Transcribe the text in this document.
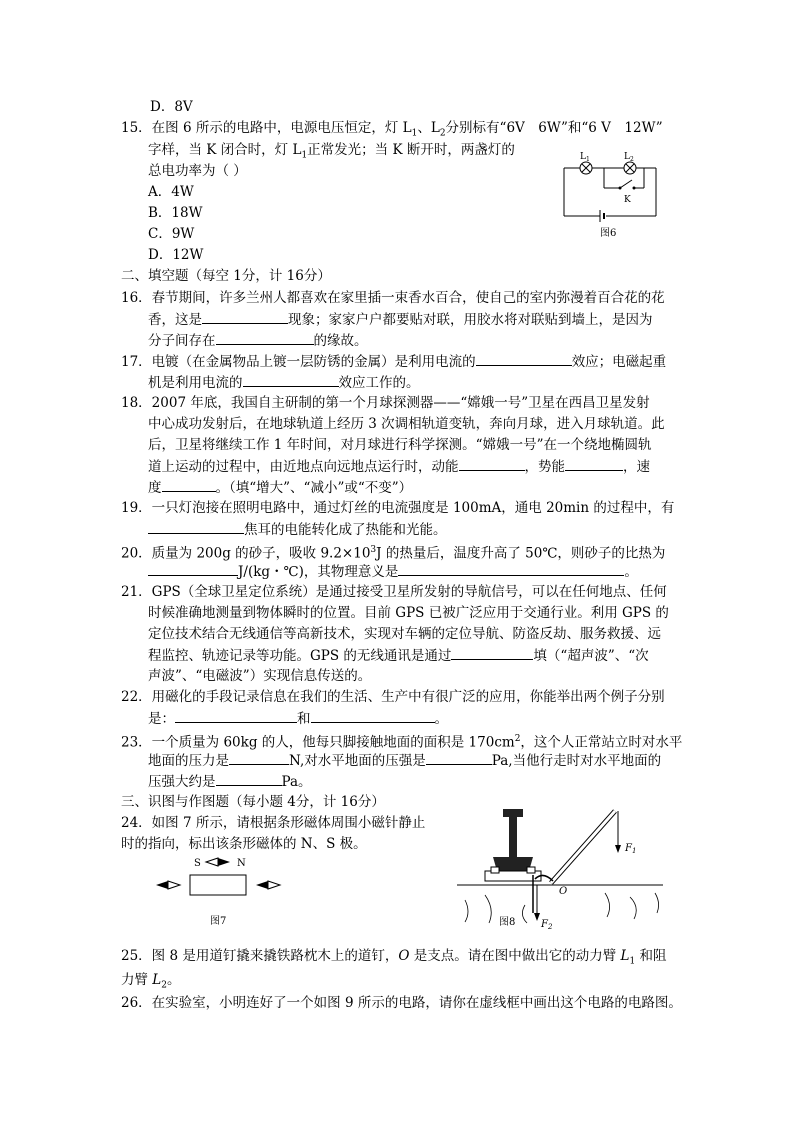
D．8V
15．在图 6 所示的电路中，电源电压恒定，灯 $L_1$、$L_2$分别标有“6V　6W”和“6 V　12W”
字样，当 K 闭合时，灯 $L_1$正常发光；当 K 断开时，两盏灯的
总电功率为（ ）
A．4W
B．18W
C．9W
D．12W
$L_1$	$L_2$
K
图6
二、填空题（每空 1分，计 16分）
16．春节期间，许多兰州人都喜欢在家里插一束香水百合，使自己的室内弥漫着百合花的花
香，这是	现象；家家户户都要贴对联，用胶水将对联贴到墙上，是因为
分子间存在	的缘故。
17．电镀（在金属物品上镀一层防锈的金属）是利用电流的	效应；电磁起重
机是利用电流的	效应工作的。
18．2007 年底，我国自主研制的第一个月球探测器——“嫦娥一号”卫星在西昌卫星发射
中心成功发射后，在地球轨道上经历 3 次调相轨道变轨，奔向月球，进入月球轨道。此
后，卫星将继续工作 1 年时间，对月球进行科学探测。“嫦娥一号”在一个绕地椭圆轨
道上运动的过程中，由近地点向远地点运行时，动能	，势能	，速
度	。（填“增大”、“减小”或“不变”）
19．一只灯泡接在照明电路中，通过灯丝的电流强度是 100mA，通电 20min 的过程中，有
焦耳的电能转化成了热能和光能。
20．质量为 200g 的砂子，吸收 $9.2\times 10^3J$ 的热量后，温度升高了 50℃，则砂子的比热为
J/(kg・℃)，其物理意义是	。
21．GPS（全球卫星定位系统）是通过接受卫星所发射的导航信号，可以在任何地点、任何
时候准确地测量到物体瞬时的位置。目前 GPS 已被广泛应用于交通行业。利用 GPS 的
定位技术结合无线通信等高新技术，实现对车辆的定位导航、防盗反劫、服务救援、远
程监控、轨迹记录等功能。GPS 的无线通讯是通过	填（“超声波”、“次
声波”、“电磁波”）实现信息传送的。
22．用磁化的手段记录信息在我们的生活、生产中有很广泛的应用，你能举出两个例子分别
是：	和	。
23．一个质量为 60kg 的人，他每只脚接触地面的面积是 $170cm^2$，这个人正常站立时对水平
地面的压力是	N,对水平地面的压强是	Pa,当他行走时对水平地面的
压强大约是	Pa。
三、识图与作图题（每小题 4分，计 16分）
24．如图 7 所示，请根据条形磁体周围小磁针静止
时的指向，标出该条形磁体的 N、S 极。
S	N
图7
$F_1$
$F_2$
O
图8
25．图 8 是用道钉撬来撬铁路枕木上的道钉，O 是支点。请在图中做出它的动力臂 $L_1$ 和阻
力臂 $L_2$。
26．在实验室，小明连好了一个如图 9 所示的电路，请你在虚线框中画出这个电路的电路图。
